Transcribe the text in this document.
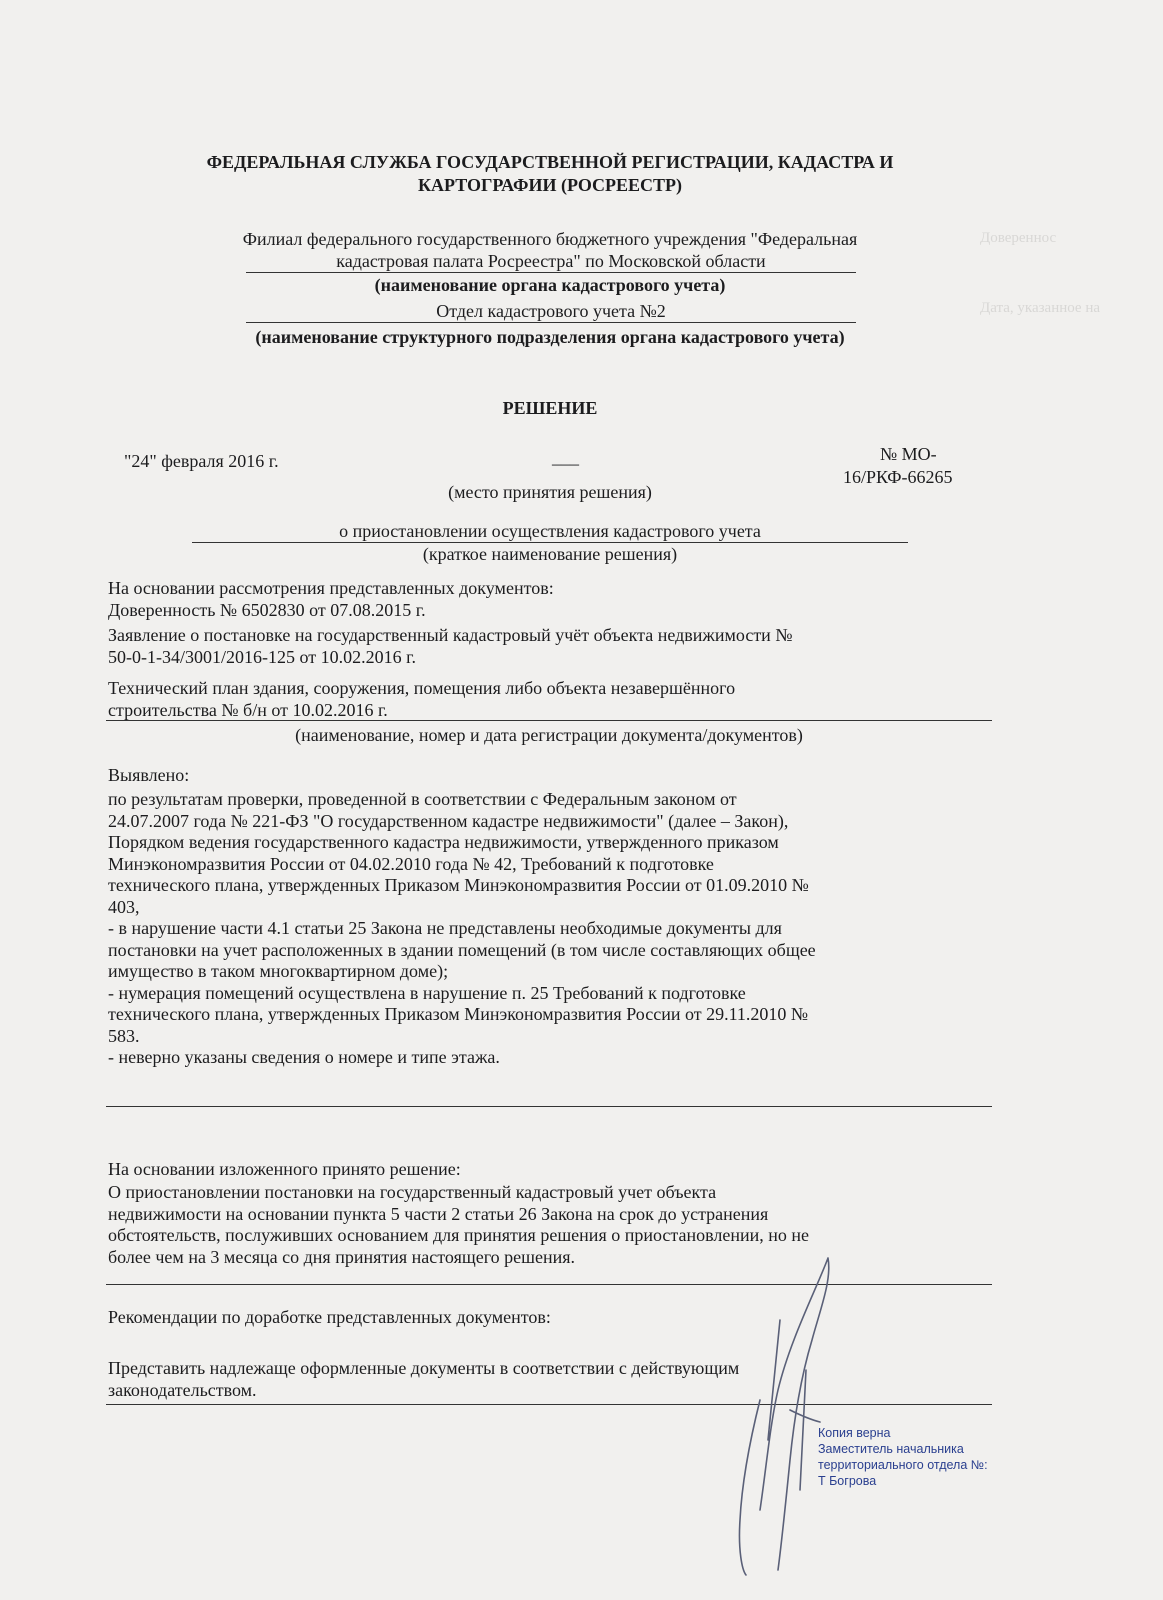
Довереннос
Дата, указанное на
ФЕДЕРАЛЬНАЯ СЛУЖБА ГОСУДАРСТВЕННОЙ РЕГИСТРАЦИИ, КАДАСТРА И
КАРТОГРАФИИ (РОСРЕЕСТР)
Филиал федерального государственного бюджетного учреждения "Федеральная
кадастровая палата Росреестра" по Московской области
(наименование органа кадастрового учета)
Отдел кадастрового учета №2
(наименование структурного подразделения органа кадастрового учета)
РЕШЕНИЕ
"24" февраля 2016 г.	___
(место принятия решения)
№ МО-
16/РКФ-66265
о приостановлении осуществления кадастрового учета
(краткое наименование решения)
На основании рассмотрения представленных документов:
Доверенность № 6502830 от 07.08.2015 г.
Заявление о постановке на государственный кадастровый учёт объекта недвижимости №
50-0-1-34/3001/2016-125 от 10.02.2016 г.
Технический план здания, сооружения, помещения либо объекта незавершённого
строительства № б/н от 10.02.2016 г.
(наименование, номер и дата регистрации документа/документов)
Выявлено:
по результатам проверки, проведенной в соответствии с Федеральным законом от
24.07.2007 года № 221-ФЗ "О государственном кадастре недвижимости" (далее – Закон),
Порядком ведения государственного кадастра недвижимости, утвержденного приказом
Минэкономразвития России от 04.02.2010 года № 42, Требований к подготовке
технического плана, утвержденных Приказом Минэкономразвития России от 01.09.2010 №
403,
- в нарушение части 4.1 статьи 25 Закона не представлены необходимые документы для
постановки на учет расположенных в здании помещений (в том числе составляющих общее
имущество в таком многоквартирном доме);
- нумерация помещений осуществлена в нарушение п. 25 Требований к подготовке
технического плана, утвержденных Приказом Минэкономразвития России от 29.11.2010 №
583.
- неверно указаны сведения о номере и типе этажа.
На основании изложенного принято решение:
О приостановлении постановки на государственный кадастровый учет объекта
недвижимости на основании пункта 5 части 2 статьи 26 Закона на срок до устранения
обстоятельств, послуживших основанием для принятия решения о приостановлении, но не
более чем на 3 месяца со дня принятия настоящего решения.
Рекомендации по доработке представленных документов:
Представить надлежаще оформленные документы в соответствии с действующим
законодательством.
Копия верна
Заместитель начальника
территориального отдела №:
Т Богрова
